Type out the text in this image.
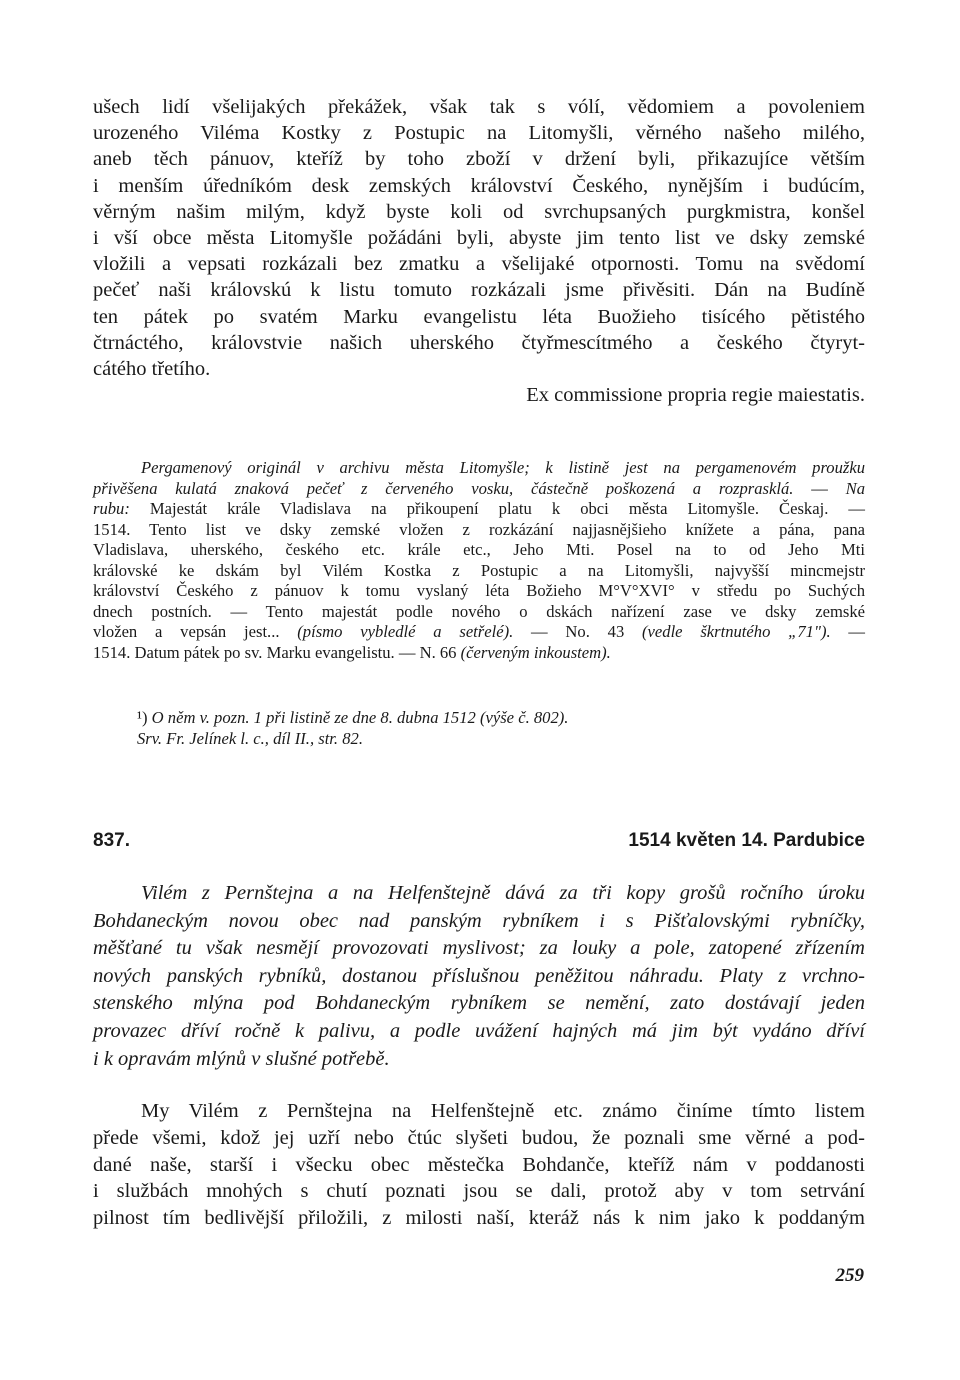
ušech lidí všelijakých překážek, však tak s vólí, vědomiem a povoleniem
urozeného Viléma Kostky z Postupic na Litomyšli, věrného našeho milého,
aneb těch pánuov, kteříž by toho zboží v držení byli, přikazujíce větším
i menším úředníkóm desk zemských království Českého, nynějším i budúcím,
věrným našim milým, když byste koli od svrchupsaných purgkmistra, konšel
i vší obce města Litomyšle požádáni byli, abyste jim tento list ve dsky zemské
vložili a vepsati rozkázali bez zmatku a všelijaké otpornosti. Tomu na svědomí
pečeť naši královskú k listu tomuto rozkázali jsme přivěsiti. Dán na Budíně
ten pátek po svatém Marku evangelistu léta Buožieho tisícého pětistého
čtrnáctého, královstvie našich uherského čtyřmescítmého a českého čtyryt-
cátého třetího.
Ex commissione propria regie maiestatis.
Pergamenový originál v archivu města Litomyšle; k listině jest na pergamenovém proužku
přivěšena kulatá znaková pečeť z červeného vosku, částečně poškozená a rozprasklá. — Na
rubu: Majestát krále Vladislava na přikoupení platu k obci města Litomyšle. Českaj. —
1514. Tento list ve dsky zemské vložen z rozkázání najjasnějšieho knížete a pána, pana
Vladislava, uherského, českého etc. krále etc., Jeho Mti. Posel na to od Jeho Mti
královské ke dskám byl Vilém Kostka z Postupic a na Litomyšli, najvyšší mincmejstr
království Českého z pánuov k tomu vyslaný léta Božieho M°V°XVI° v středu po Suchých
dnech postních. — Tento majestát podle nového o dskách nařízení zase ve dsky zemské
vložen a vepsán jest... (písmo vybledlé a setřelé). — No. 43 (vedle škrtnutého „71"). —
1514. Datum pátek po sv. Marku evangelistu. — N. 66 (červeným inkoustem).
¹) O něm v. pozn. 1 při listině ze dne 8. dubna 1512 (výše č. 802).
Srv. Fr. Jelínek l. c., díl II., str. 82.
837.	1514 květen 14. Pardubice
Vilém z Pernštejna a na Helfenštejně dává za tři kopy grošů ročního úroku
Bohdaneckým novou obec nad panským rybníkem i s Pišťalovskými rybníčky,
měšťané tu však nesmějí provozovati myslivost; za louky a pole, zatopené zřízením
nových panských rybníků, dostanou příslušnou peněžitou náhradu. Platy z vrchno-
stenského mlýna pod Bohdaneckým rybníkem se nemění, zato dostávají jeden
provazec dříví ročně k palivu, a podle uvážení hajných má jim být vydáno dříví
i k opravám mlýnů v slušné potřebě.
My Vilém z Pernštejna na Helfenštejně etc. známo činíme tímto listem
přede všemi, kdož jej uzří nebo čtúc slyšeti budou, že poznali sme věrné a pod-
dané naše, starší i všecku obec městečka Bohdanče, kteříž nám v poddanosti
i službách mnohých s chutí poznati jsou se dali, protož aby v tom setrvání
pilnost tím bedlivější přiložili, z milosti naší, kteráž nás k nim jako k poddaným
259
